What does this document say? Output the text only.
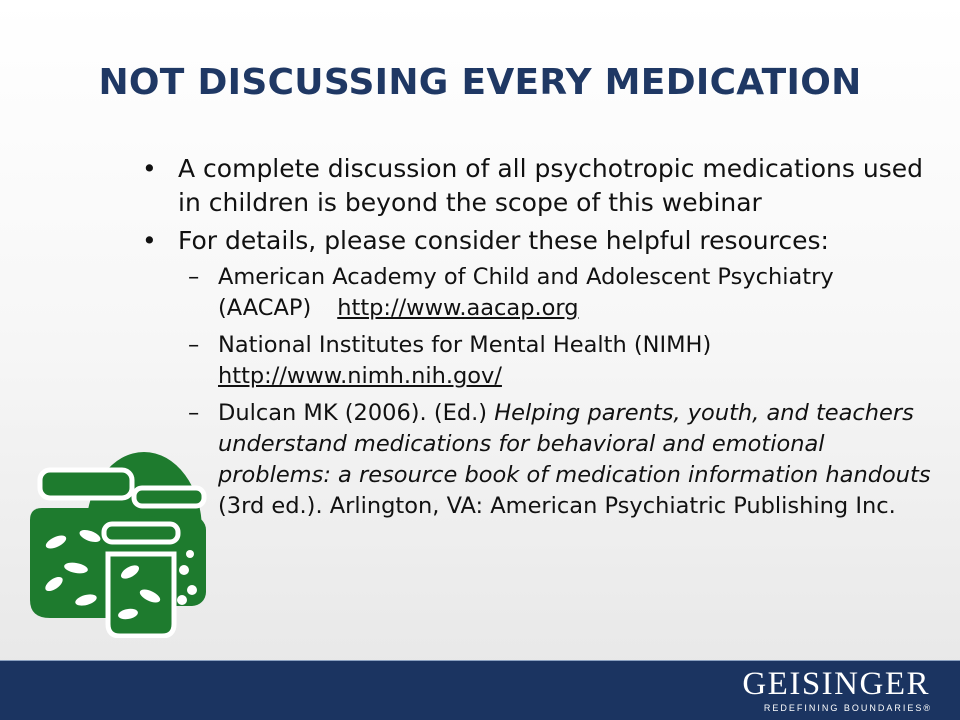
NOT DISCUSSING EVERY MEDICATION
• A complete discussion of all psychotropic medications used in children is beyond the scope of this webinar
• For details, please consider these helpful resources:
– American Academy of Child and Adolescent Psychiatry (AACAP) http://www.aacap.org
– National Institutes for Mental Health (NIMH)
http://www.nimh.nih.gov/
– Dulcan MK (2006). (Ed.) Helping parents, youth, and teachers understand medications for behavioral and emotional problems: a resource book of medication information handouts (3rd ed.). Arlington, VA: American Psychiatric Publishing Inc.
GEISINGER
REDEFINING BOUNDARIES®
